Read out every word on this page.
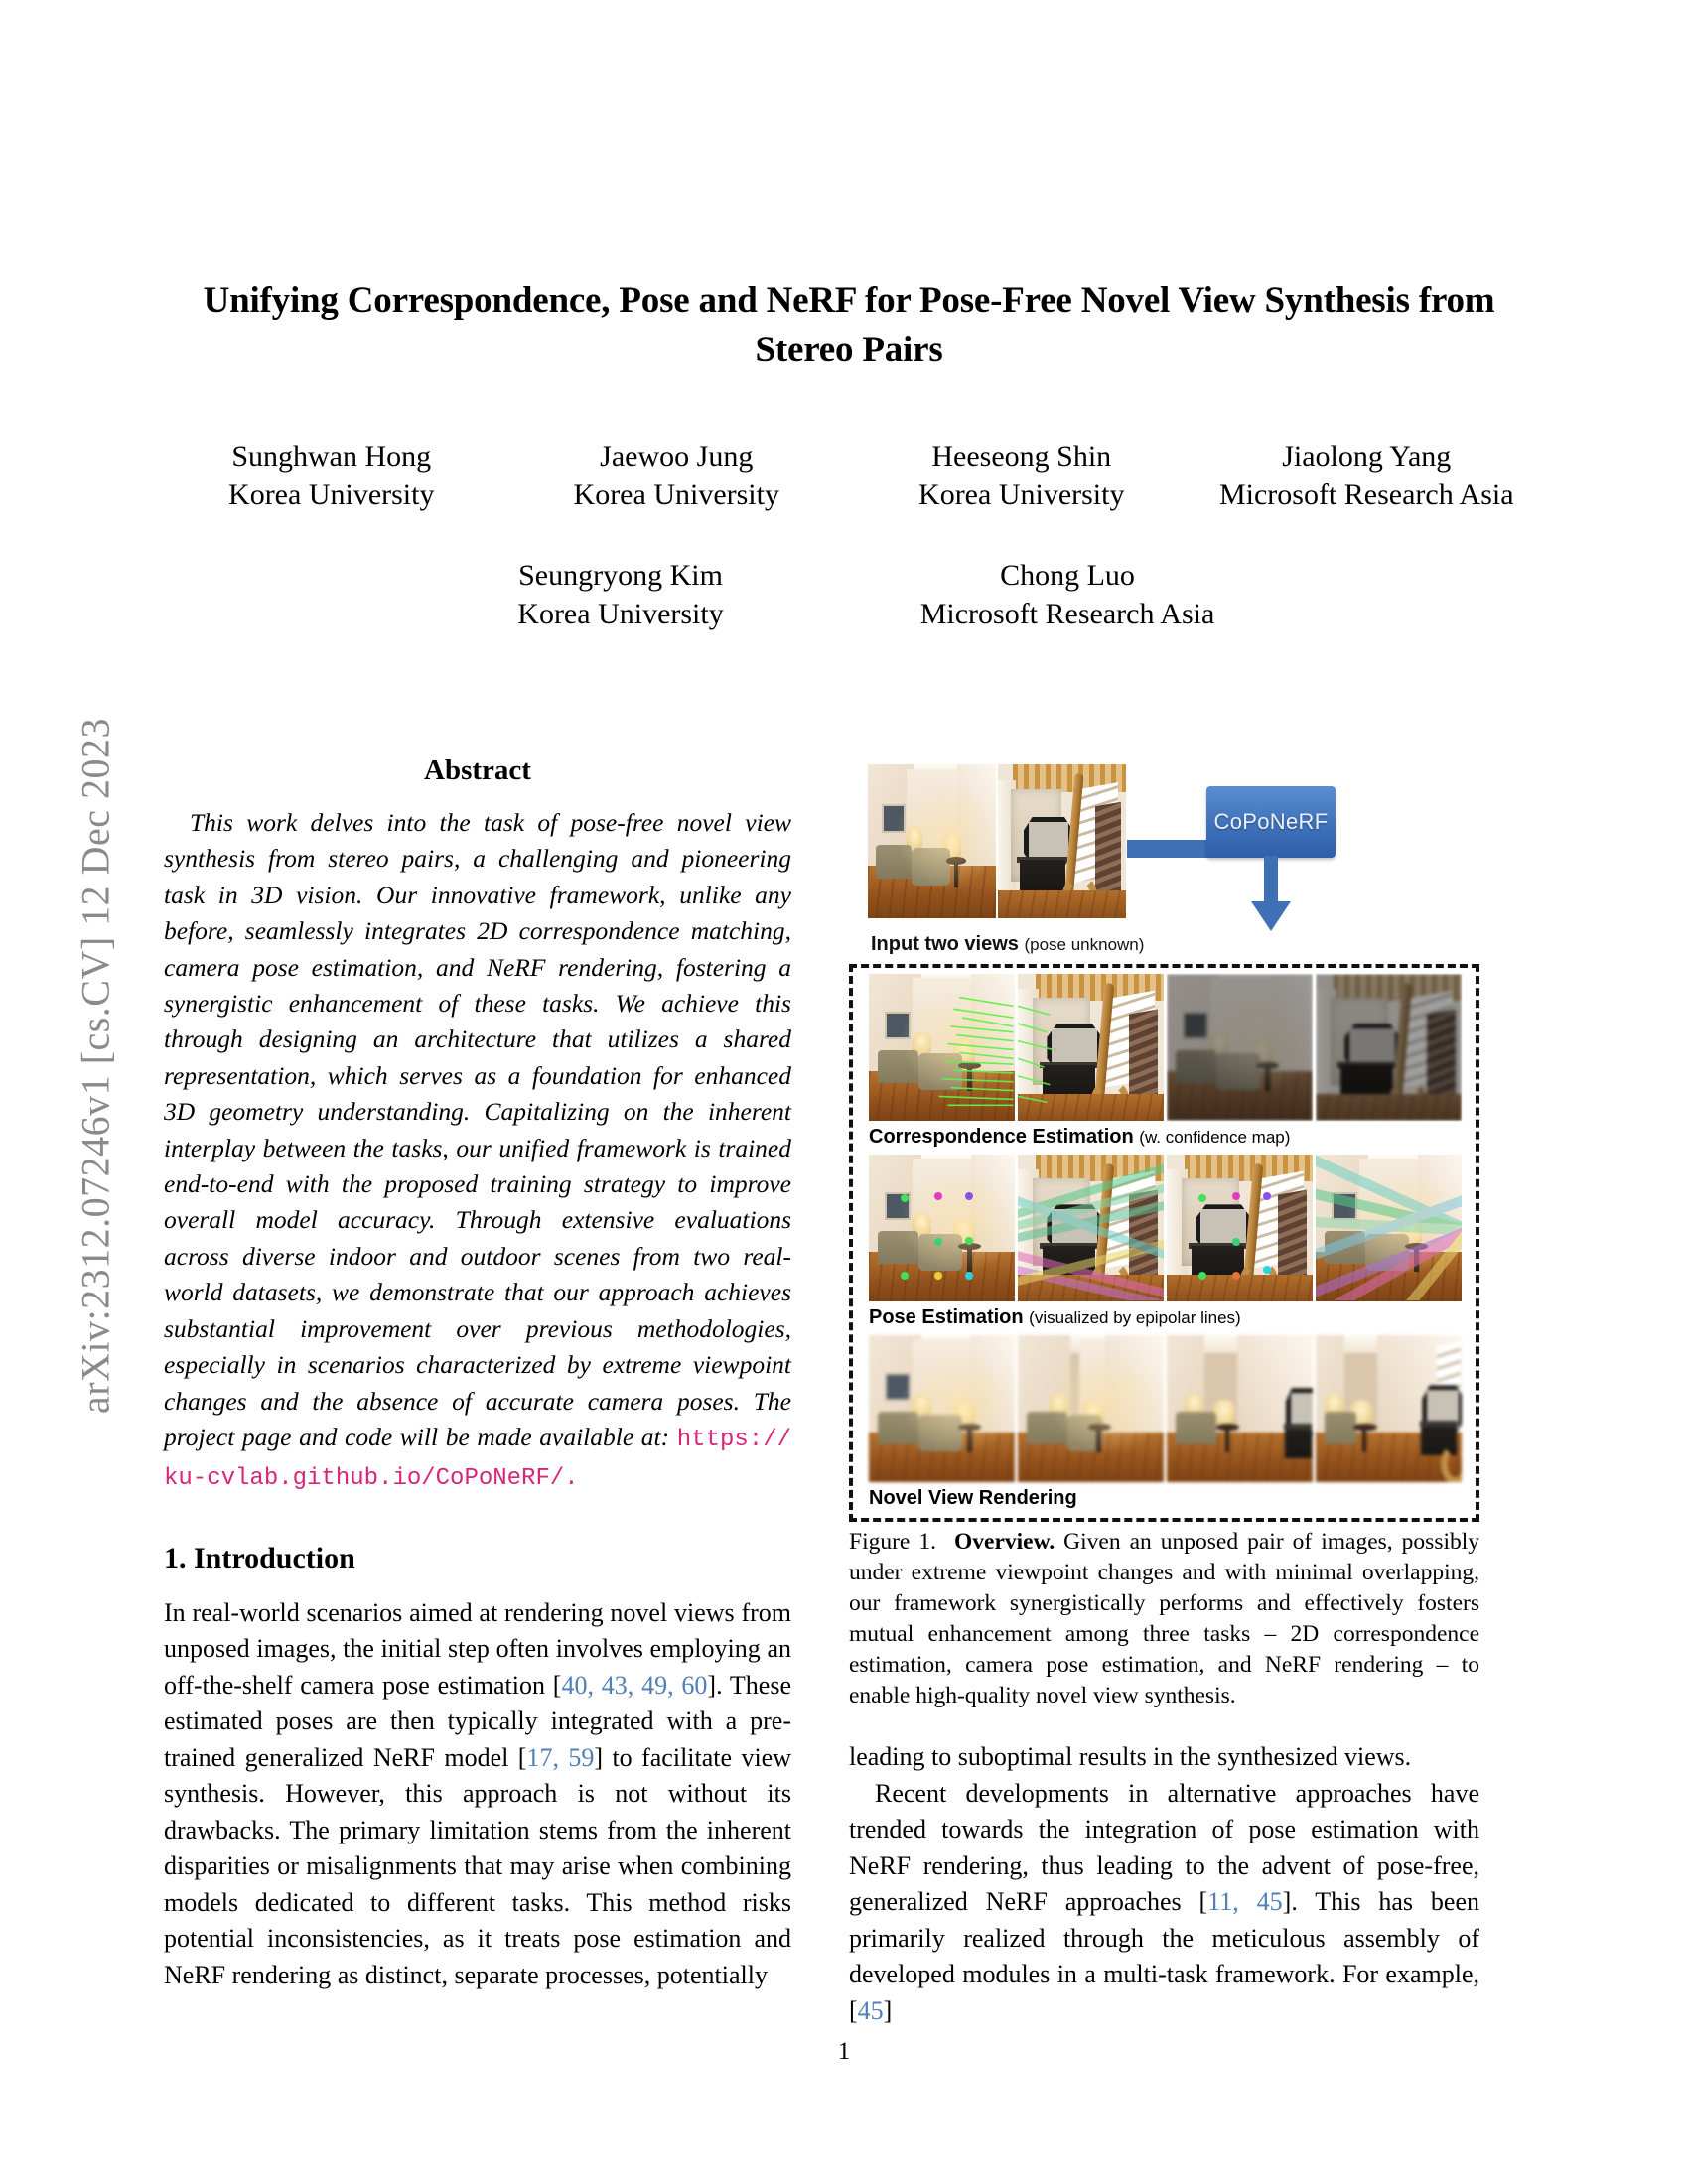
arXiv:2312.07246v1 [cs.CV] 12 Dec 2023
Unifying Correspondence, Pose and NeRF for Pose-Free Novel View Synthesis from Stereo Pairs
Sunghwan Hong
Korea University
Jaewoo Jung
Korea University
Heeseong Shin
Korea University
Jiaolong Yang
Microsoft Research Asia
Seungryong Kim
Korea University
Chong Luo
Microsoft Research Asia
Abstract

This work delves into the task of pose-free novel view synthesis from stereo pairs, a challenging and pioneering task in 3D vision. Our innovative framework, unlike any before, seamlessly integrates 2D correspondence matching, camera pose estimation, and NeRF rendering, fostering a synergistic enhancement of these tasks. We achieve this through designing an architecture that utilizes a shared representation, which serves as a foundation for enhanced 3D geometry understanding. Capitalizing on the inherent interplay between the tasks, our unified framework is trained end-to-end with the proposed training strategy to improve overall model accuracy. Through extensive evaluations across diverse indoor and outdoor scenes from two real-world datasets, we demonstrate that our approach achieves substantial improvement over previous methodologies, especially in scenarios characterized by extreme viewpoint changes and the absence of accurate camera poses. The project page and code will be made available at: https://ku-cvlab.github.io/CoPoNeRF/.

1. Introduction

In real-world scenarios aimed at rendering novel views from unposed images, the initial step often involves employing an off-the-shelf camera pose estimation [40, 43, 49, 60]. These estimated poses are then typically integrated with a pre-trained generalized NeRF model [17, 59] to facilitate view synthesis. However, this approach is not without its drawbacks. The primary limitation stems from the inherent disparities or misalignments that may arise when combining models dedicated to different tasks. This method risks potential inconsistencies, as it treats pose estimation and NeRF rendering as distinct, separate processes, potentially

CoPoNeRF
Input two views (pose unknown)
Correspondence Estimation (w. confidence map)
Pose Estimation (visualized by epipolar lines)
Novel View Rendering
Figure 1. Overview. Given an unposed pair of images, possibly under extreme viewpoint changes and with minimal overlapping, our framework synergistically performs and effectively fosters mutual enhancement among three tasks – 2D correspondence estimation, camera pose estimation, and NeRF rendering – to enable high-quality novel view synthesis.

leading to suboptimal results in the synthesized views.

Recent developments in alternative approaches have trended towards the integration of pose estimation with NeRF rendering, thus leading to the advent of pose-free, generalized NeRF approaches [11, 45]. This has been primarily realized through the meticulous assembly of developed modules in a multi-task framework. For example, [45]

1
